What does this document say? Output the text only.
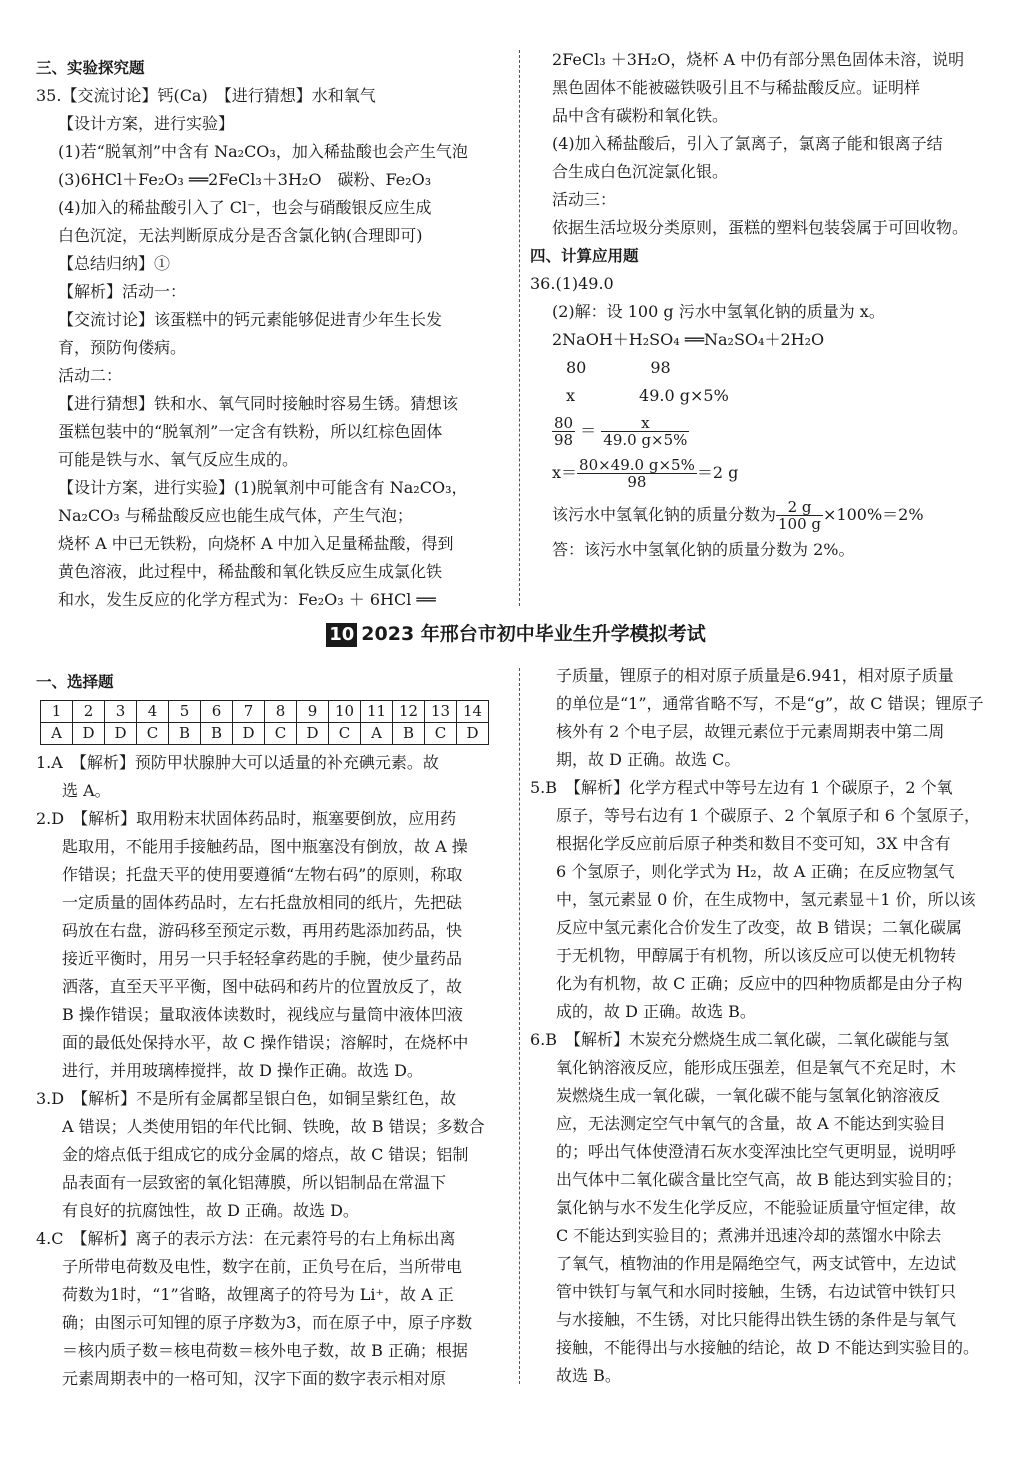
三、实验探究题
35.【交流讨论】钙(Ca)　【进行猜想】水和氧气
【设计方案，进行实验】
(1)若“脱氧剂”中含有 Na₂CO₃，加入稀盐酸也会产生气泡
(3)6HCl＋Fe₂O₃ ══2FeCl₃＋3H₂O　碳粉、Fe₂O₃
(4)加入的稀盐酸引入了 Cl⁻，也会与硝酸银反应生成
白色沉淀，无法判断原成分是否含氯化钠(合理即可)
【总结归纳】①
【解析】活动一：
【交流讨论】该蛋糕中的钙元素能够促进青少年生长发
育，预防佝偻病。
活动二：
【进行猜想】铁和水、氧气同时接触时容易生锈。猜想该
蛋糕包装中的“脱氧剂”一定含有铁粉，所以红棕色固体
可能是铁与水、氧气反应生成的。
【设计方案，进行实验】(1)脱氧剂中可能含有 Na₂CO₃，
Na₂CO₃ 与稀盐酸反应也能生成气体，产生气泡；
烧杯 A 中已无铁粉，向烧杯 A 中加入足量稀盐酸，得到
黄色溶液，此过程中，稀盐酸和氧化铁反应生成氯化铁
和水，发生反应的化学方程式为：Fe₂O₃ ＋ 6HCl ══
2FeCl₃ ＋3H₂O，烧杯 A 中仍有部分黑色固体未溶，说明
黑色固体不能被磁铁吸引且不与稀盐酸反应。证明样
品中含有碳粉和氧化铁。
(4)加入稀盐酸后，引入了氯离子，氯离子能和银离子结
合生成白色沉淀氯化银。
活动三：
依据生活垃圾分类原则，蛋糕的塑料包装袋属于可回收物。
四、计算应用题
36.(1)49.0
(2)解：设 100 g 污水中氢氧化钠的质量为 x。
2NaOH＋H₂SO₄ ══Na₂SO₄＋2H₂O
80　　　　98
x　　　　49.0 g×5%
$\frac{80}{98} = \frac{x}{49.0 g\times 5\%}$
$x= \frac{80\times 49.0 g\times 5\%}{98} =2$ g
该污水中氢氧化钠的质量分数为 $\frac{2 g}{100 g} \times 100\%=2\%$
答：该污水中氢氧化钠的质量分数为 2%。
10 2023 年邢台市初中毕业生升学模拟考试
一、选择题
1	2	3	4	5	6	7	8	9	10	11	12	13	14
A	D	D	C	B	B	D	C	D	C	A	B	C	D
1.A　【解析】预防甲状腺肿大可以适量的补充碘元素。故
选 A。
2.D　【解析】取用粉末状固体药品时，瓶塞要倒放，应用药
匙取用，不能用手接触药品，图中瓶塞没有倒放，故 A 操
作错误；托盘天平的使用要遵循“左物右码”的原则，称取
一定质量的固体药品时，左右托盘放相同的纸片，先把砝
码放在右盘，游码移至预定示数，再用药匙添加药品，快
接近平衡时，用另一只手轻轻拿药匙的手腕，使少量药品
洒落，直至天平平衡，图中砝码和药片的位置放反了，故
B 操作错误；量取液体读数时，视线应与量筒中液体凹液
面的最低处保持水平，故 C 操作错误；溶解时，在烧杯中
进行，并用玻璃棒搅拌，故 D 操作正确。故选 D。
3.D　【解析】不是所有金属都呈银白色，如铜呈紫红色，故
A 错误；人类使用铝的年代比铜、铁晚，故 B 错误；多数合
金的熔点低于组成它的成分金属的熔点，故 C 错误；铝制
品表面有一层致密的氧化铝薄膜，所以铝制品在常温下
有良好的抗腐蚀性，故 D 正确。故选 D。
4.C　【解析】离子的表示方法：在元素符号的右上角标出离
子所带电荷数及电性，数字在前，正负号在后，当所带电
荷数为1时，“1”省略，故锂离子的符号为 Li⁺，故 A 正
确；由图示可知锂的原子序数为3，而在原子中，原子序数
＝核内质子数＝核电荷数＝核外电子数，故 B 正确；根据
元素周期表中的一格可知，汉字下面的数字表示相对原
子质量，锂原子的相对原子质量是6.941，相对原子质量
的单位是“1”，通常省略不写，不是“g”，故 C 错误；锂原子
核外有 2 个电子层，故锂元素位于元素周期表中第二周
期，故 D 正确。故选 C。
5.B　【解析】化学方程式中等号左边有 1 个碳原子，2 个氧
原子，等号右边有 1 个碳原子、2 个氧原子和 6 个氢原子，
根据化学反应前后原子种类和数目不变可知，3X 中含有
6 个氢原子，则化学式为 H₂，故 A 正确；在反应物氢气
中，氢元素显 0 价，在生成物中，氢元素显＋1 价，所以该
反应中氢元素化合价发生了改变，故 B 错误；二氧化碳属
于无机物，甲醇属于有机物，所以该反应可以使无机物转
化为有机物，故 C 正确；反应中的四种物质都是由分子构
成的，故 D 正确。故选 B。
6.B　【解析】木炭充分燃烧生成二氧化碳，二氧化碳能与氢
氧化钠溶液反应，能形成压强差，但是氧气不充足时，木
炭燃烧生成一氧化碳，一氧化碳不能与氢氧化钠溶液反
应，无法测定空气中氧气的含量，故 A 不能达到实验目
的；呼出气体使澄清石灰水变浑浊比空气更明显，说明呼
出气体中二氧化碳含量比空气高，故 B 能达到实验目的；
氯化钠与水不发生化学反应，不能验证质量守恒定律，故
C 不能达到实验目的；煮沸并迅速冷却的蒸馏水中除去
了氧气，植物油的作用是隔绝空气，两支试管中，左边试
管中铁钉与氧气和水同时接触，生锈，右边试管中铁钉只
与水接触，不生锈，对比只能得出铁生锈的条件是与氧气
接触，不能得出与水接触的结论，故 D 不能达到实验目的。
故选 B。
